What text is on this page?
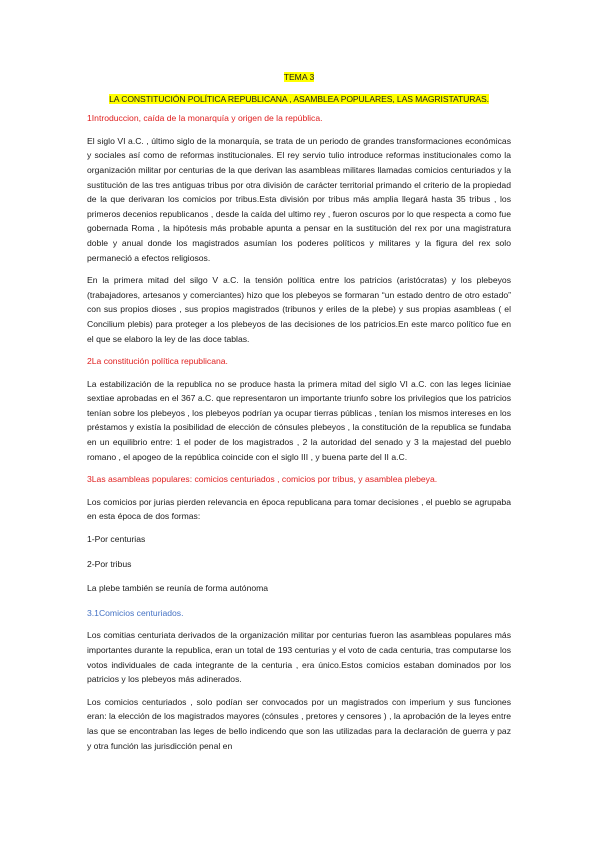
TEMA 3
LA CONSTITUCIÓN POLÍTICA REPUBLICANA , ASAMBLEA POPULARES, LAS MAGRISTATURAS.
1Introduccion, caída de la monarquía y origen de la república.

El siglo VI a.C. , último siglo de la monarquía, se trata de un periodo de grandes transformaciones económicas y sociales así como de reformas institucionales. El rey servio tulio introduce reformas institucionales como la organización militar por centurias de la que derivan las asambleas militares llamadas comicios centuriados y la sustitución de las tres antiguas tribus por otra división de carácter territorial primando el criterio de la propiedad de la que derivaran los comicios por tribus.Esta división por tribus más amplia llegará hasta 35 tribus , los primeros decenios republicanos , desde la caída del ultimo rey , fueron oscuros por lo que respecta a como fue gobernada Roma , la hipótesis más probable apunta a pensar en la sustitución del rex por una magistratura doble y anual donde los magistrados asumían los poderes políticos y militares y la figura del rex solo permaneció a efectos religiosos.

En la primera mitad del silgo V a.C. la tensión política entre los patricios (aristócratas) y los plebeyos (trabajadores, artesanos y comerciantes) hizo que los plebeyos se formaran “un estado dentro de otro estado” con sus propios dioses , sus propios magistrados (tribunos y eriles de la plebe) y sus propias asambleas ( el Concilium plebis) para proteger a los plebeyos de las decisiones de los patricios.En este marco político fue en el que se elaboro la ley de las doce tablas.

2La constitución política republicana.

La estabilización de la republica no se produce hasta la primera mitad del siglo VI a.C. con las leges liciniae sextiae aprobadas en el 367 a.C. que representaron un importante triunfo sobre los privilegios que los patricios tenían sobre los plebeyos , los plebeyos podrían ya ocupar tierras públicas , tenían los mismos intereses en los préstamos y existía la posibilidad de elección de cónsules plebeyos , la constitución de la republica se fundaba en un equilibrio entre: 1 el poder de los magistrados , 2 la autoridad del senado y 3 la majestad del pueblo romano , el apogeo de la república coincide con el siglo III , y buena parte del II a.C.

3Las asambleas populares: comicios centuriados , comicios por tribus, y asamblea plebeya.

Los comicios por jurias pierden relevancia en época republicana para tomar decisiones , el pueblo se agrupaba en esta época de dos formas:

1-Por centurias
2-Por tribus
La plebe también se reunía de forma autónoma
3.1Comicios centuriados.

Los comitias centuriata derivados de la organización militar por centurias fueron las asambleas populares más importantes durante la republica, eran un total de 193 centurias y el voto de cada centuria, tras computarse los votos individuales de cada integrante de la centuria , era único.Estos comicios estaban dominados por los patricios y los plebeyos más adinerados.

Los comicios centuriados , solo podían ser convocados por un magistrados con imperium y sus funciones eran: la elección de los magistrados mayores (cónsules , pretores y censores ) , la aprobación de la leyes entre las que se encontraban las leges de bello indicendo que son las utilizadas para la declaración de guerra y paz y otra función las jurisdicción penal en
